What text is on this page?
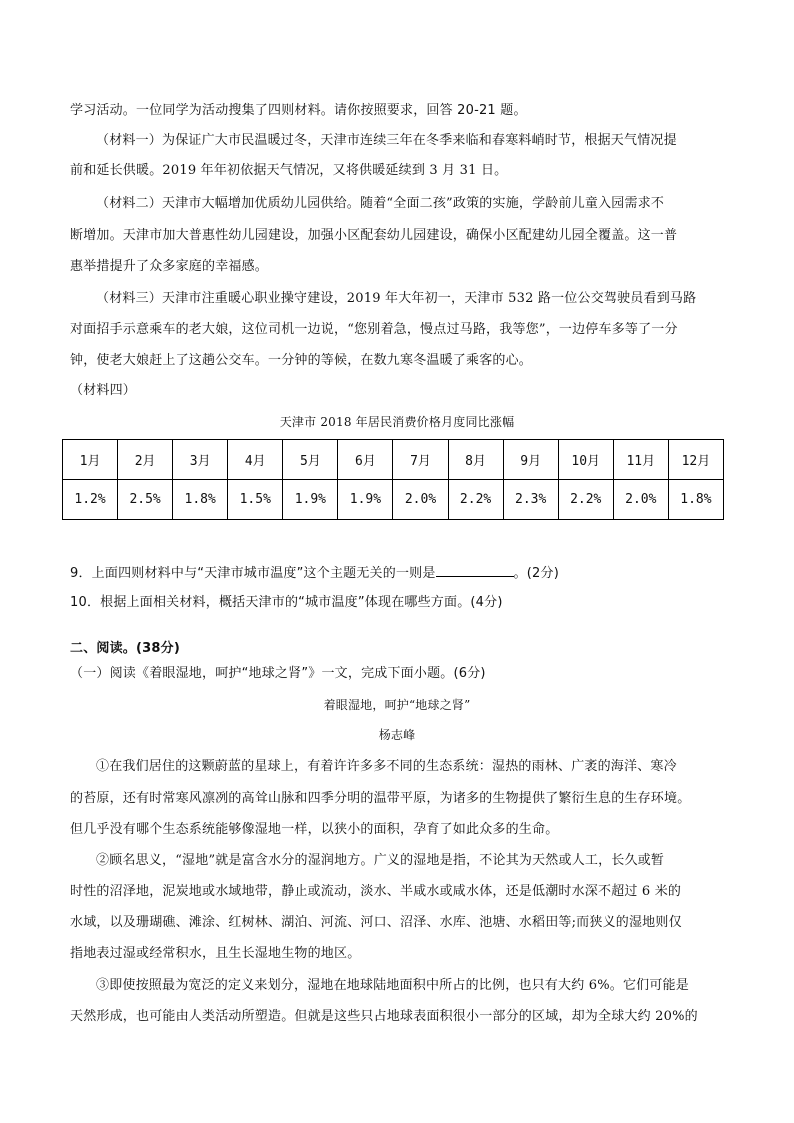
学习活动。一位同学为活动搜集了四则材料。请你按照要求，回答 20-21 题。
（材料一）为保证广大市民温暖过冬，天津市连续三年在冬季来临和春寒料峭时节，根据天气情况提
前和延长供暖。2019 年年初依据天气情况，又将供暖延续到 3 月 31 日。
（材料二）天津市大幅增加优质幼儿园供给。随着“全面二孩”政策的实施，学龄前儿童入园需求不
断增加。天津市加大普惠性幼儿园建设，加强小区配套幼儿园建设，确保小区配建幼儿园全覆盖。这一普
惠举措提升了众多家庭的幸福感。
（材料三）天津市注重暖心职业操守建设，2019 年大年初一，天津市 532 路一位公交驾驶员看到马路
对面招手示意乘车的老大娘，这位司机一边说，“您别着急，慢点过马路，我等您”，一边停车多等了一分
钟，使老大娘赶上了这趟公交车。一分钟的等候，在数九寒冬温暖了乘客的心。
（材料四）
天津市 2018 年居民消费价格月度同比涨幅
1月	2月	3月	4月	5月	6月	7月	8月	9月	10月	11月	12月
1.2%	2.5%	1.8%	1.5%	1.9%	1.9%	2.0%	2.2%	2.3%	2.2%	2.0%	1.8%
9．上面四则材料中与“天津市城市温度”这个主题无关的一则是	。(2分)
10．根据上面相关材料，概括天津市的“城市温度”体现在哪些方面。(4分)
二、阅读。(38分)
（一）阅读《着眼湿地，呵护“地球之肾”》一文，完成下面小题。(6分)
着眼湿地，呵护“地球之肾”
杨志峰
①在我们居住的这颗蔚蓝的星球上，有着许许多多不同的生态系统：湿热的雨林、广袤的海洋、寒冷
的苔原，还有时常寒风凛冽的高耸山脉和四季分明的温带平原，为诸多的生物提供了繁衍生息的生存环境。
但几乎没有哪个生态系统能够像湿地一样，以狭小的面积，孕育了如此众多的生命。
②顾名思义，“湿地”就是富含水分的湿润地方。广义的湿地是指，不论其为天然或人工，长久或暂
时性的沼泽地，泥炭地或水域地带，静止或流动，淡水、半咸水或咸水体，还是低潮时水深不超过 6 米的
水域，以及珊瑚礁、滩涂、红树林、湖泊、河流、河口、沼泽、水库、池塘、水稻田等;而狭义的湿地则仅
指地表过湿或经常积水，且生长湿地生物的地区。
③即使按照最为宽泛的定义来划分，湿地在地球陆地面积中所占的比例，也只有大约 6%。它们可能是
天然形成，也可能由人类活动所塑造。但就是这些只占地球表面积很小一部分的区域，却为全球大约 20%的
